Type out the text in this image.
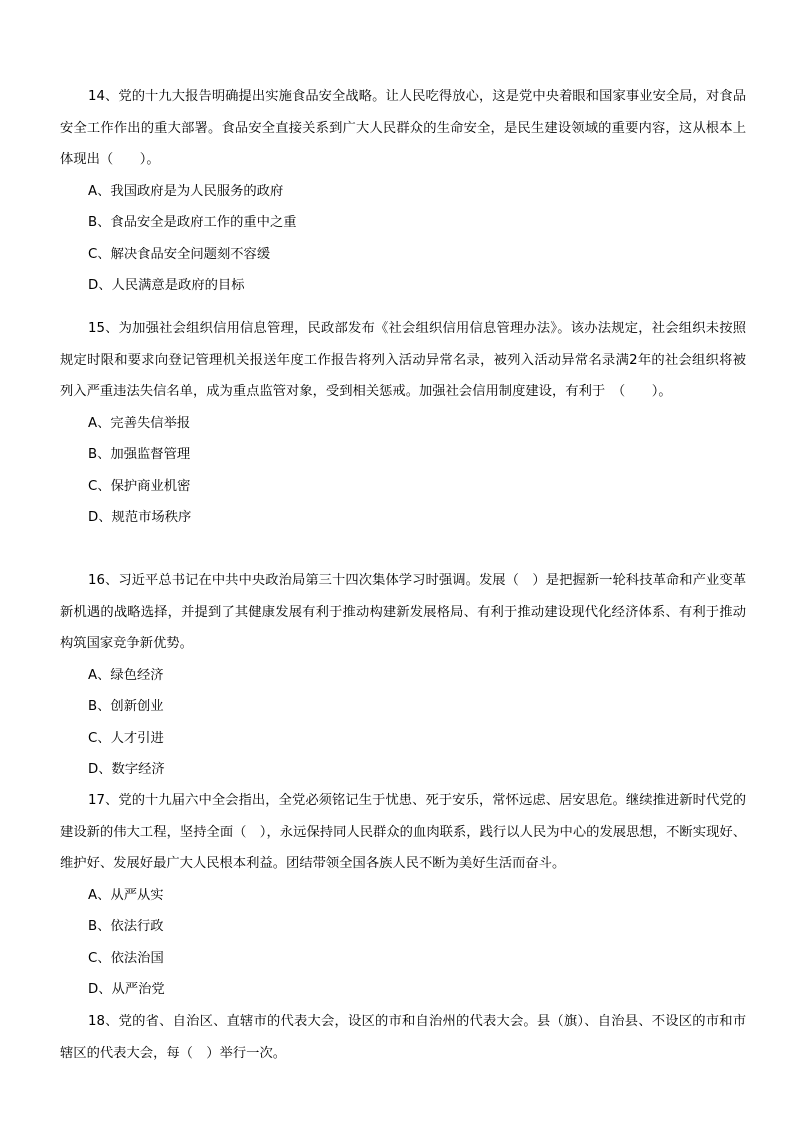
14、党的十九大报告明确提出实施食品安全战略。让人民吃得放心，这是党中央着眼和国家事业安全局，对食品安全工作作出的重大部署。食品安全直接关系到广大人民群众的生命安全，是民生建设领域的重要内容，这从根本上体现出（　　）。

A、我国政府是为人民服务的政府

B、食品安全是政府工作的重中之重

C、解决食品安全问题刻不容缓

D、人民满意是政府的目标

15、为加强社会组织信用信息管理，民政部发布《社会组织信用信息管理办法》。该办法规定，社会组织未按照规定时限和要求向登记管理机关报送年度工作报告将列入活动异常名录，被列入活动异常名录满2年的社会组织将被列入严重违法失信名单，成为重点监管对象，受到相关惩戒。加强社会信用制度建设，有利于　（　　）。

A、完善失信举报

B、加强监督管理

C、保护商业机密

D、规范市场秩序

16、习近平总书记在中共中央政治局第三十四次集体学习时强调。发展（　）是把握新一轮科技革命和产业变革新机遇的战略选择，并提到了其健康发展有利于推动构建新发展格局、有利于推动建设现代化经济体系、有利于推动构筑国家竞争新优势。

A、绿色经济

B、创新创业

C、人才引进

D、数字经济

17、党的十九届六中全会指出，全党必须铭记生于忧患、死于安乐，常怀远虑、居安思危。继续推进新时代党的建设新的伟大工程，坚持全面（　），永远保持同人民群众的血肉联系，践行以人民为中心的发展思想，不断实现好、维护好、发展好最广大人民根本利益。团结带领全国各族人民不断为美好生活而奋斗。

A、从严从实

B、依法行政

C、依法治国

D、从严治党

18、党的省、自治区、直辖市的代表大会，设区的市和自治州的代表大会。县（旗）、自治县、不设区的市和市辖区的代表大会，每（　）举行一次。
